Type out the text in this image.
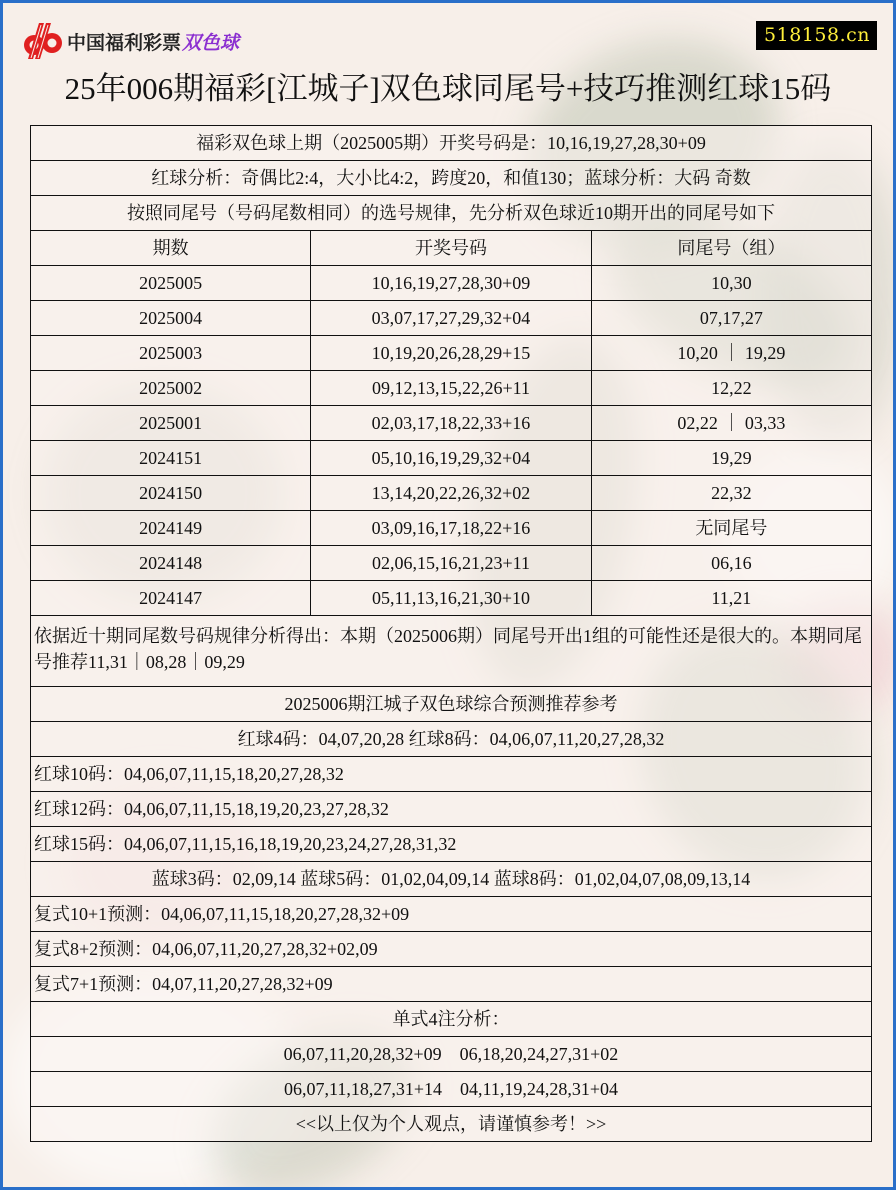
中国福利彩票 双色球	518158.cn
25年006期福彩[江城子]双色球同尾号+技巧推测红球15码
福彩双色球上期（2025005期）开奖号码是：10,16,19,27,28,30+09		
红球分析：奇偶比2:4，大小比4:2，跨度20，和值130；蓝球分析：大码 奇数		
按照同尾号（号码尾数相同）的选号规律，先分析双色球近10期开出的同尾号如下		
期数	开奖号码	同尾号（组）
2025005	10,16,19,27,28,30+09	10,30
2025004	03,07,17,27,29,32+04	07,17,27
2025003	10,19,20,26,28,29+15	10,20 ｜ 19,29
2025002	09,12,13,15,22,26+11	12,22
2025001	02,03,17,18,22,33+16	02,22 ｜ 03,33
2024151	05,10,16,19,29,32+04	19,29
2024150	13,14,20,22,26,32+02	22,32
2024149	03,09,16,17,18,22+16	无同尾号
2024148	02,06,15,16,21,23+11	06,16
2024147	05,11,13,16,21,30+10	11,21
依据近十期同尾数号码规律分析得出：本期（2025006期）同尾号开出1组的可能性还是很大的。本期同尾号推荐11,31｜08,28｜09,29		
2025006期江城子双色球综合预测推荐参考		
红球4码：04,07,20,28 红球8码：04,06,07,11,20,27,28,32		
红球10码：04,06,07,11,15,18,20,27,28,32		
红球12码：04,06,07,11,15,18,19,20,23,27,28,32		
红球15码：04,06,07,11,15,16,18,19,20,23,24,27,28,31,32		
蓝球3码：02,09,14 蓝球5码：01,02,04,09,14 蓝球8码：01,02,04,07,08,09,13,14		
复式10+1预测：04,06,07,11,15,18,20,27,28,32+09		
复式8+2预测：04,06,07,11,20,27,28,32+02,09		
复式7+1预测：04,07,11,20,27,28,32+09		
单式4注分析：		
06,07,11,20,28,32+09    06,18,20,24,27,31+02		
06,07,11,18,27,31+14    04,11,19,24,28,31+04		
<<以上仅为个人观点，请谨慎参考！>>		
